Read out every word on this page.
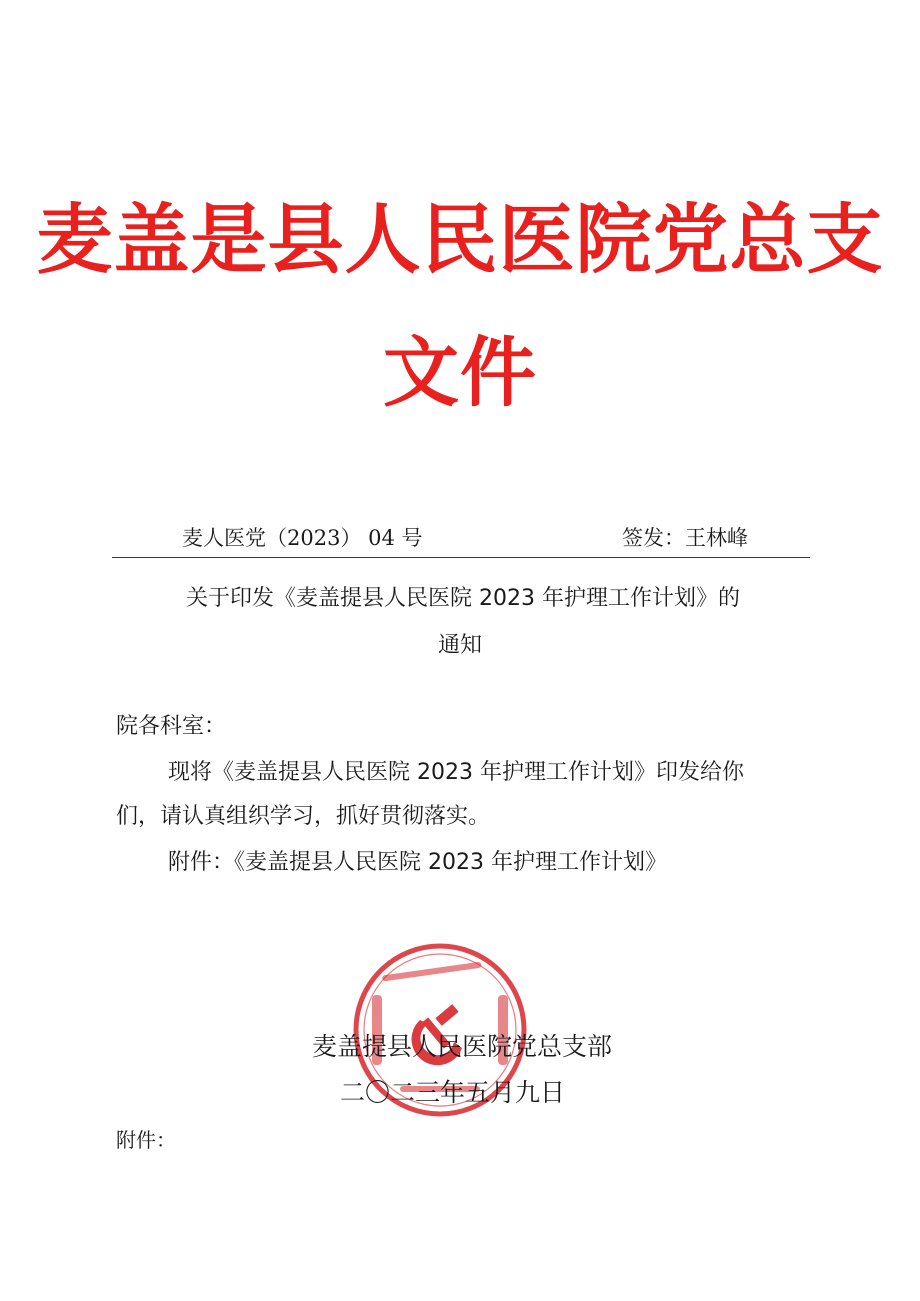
麦盖是县人民医院党总支
文件
麦人医党（2023） 04 号	签发：王林峰
关于印发《麦盖提县人民医院 2023 年护理工作计划》的
通知
院各科室：
现将《麦盖提县人民医院 2023 年护理工作计划》印发给你
们，请认真组织学习，抓好贯彻落实。
附件：《麦盖提县人民医院 2023 年护理工作计划》
麦盖提县人民医院党总支部
二〇二三年五月九日
附件：
